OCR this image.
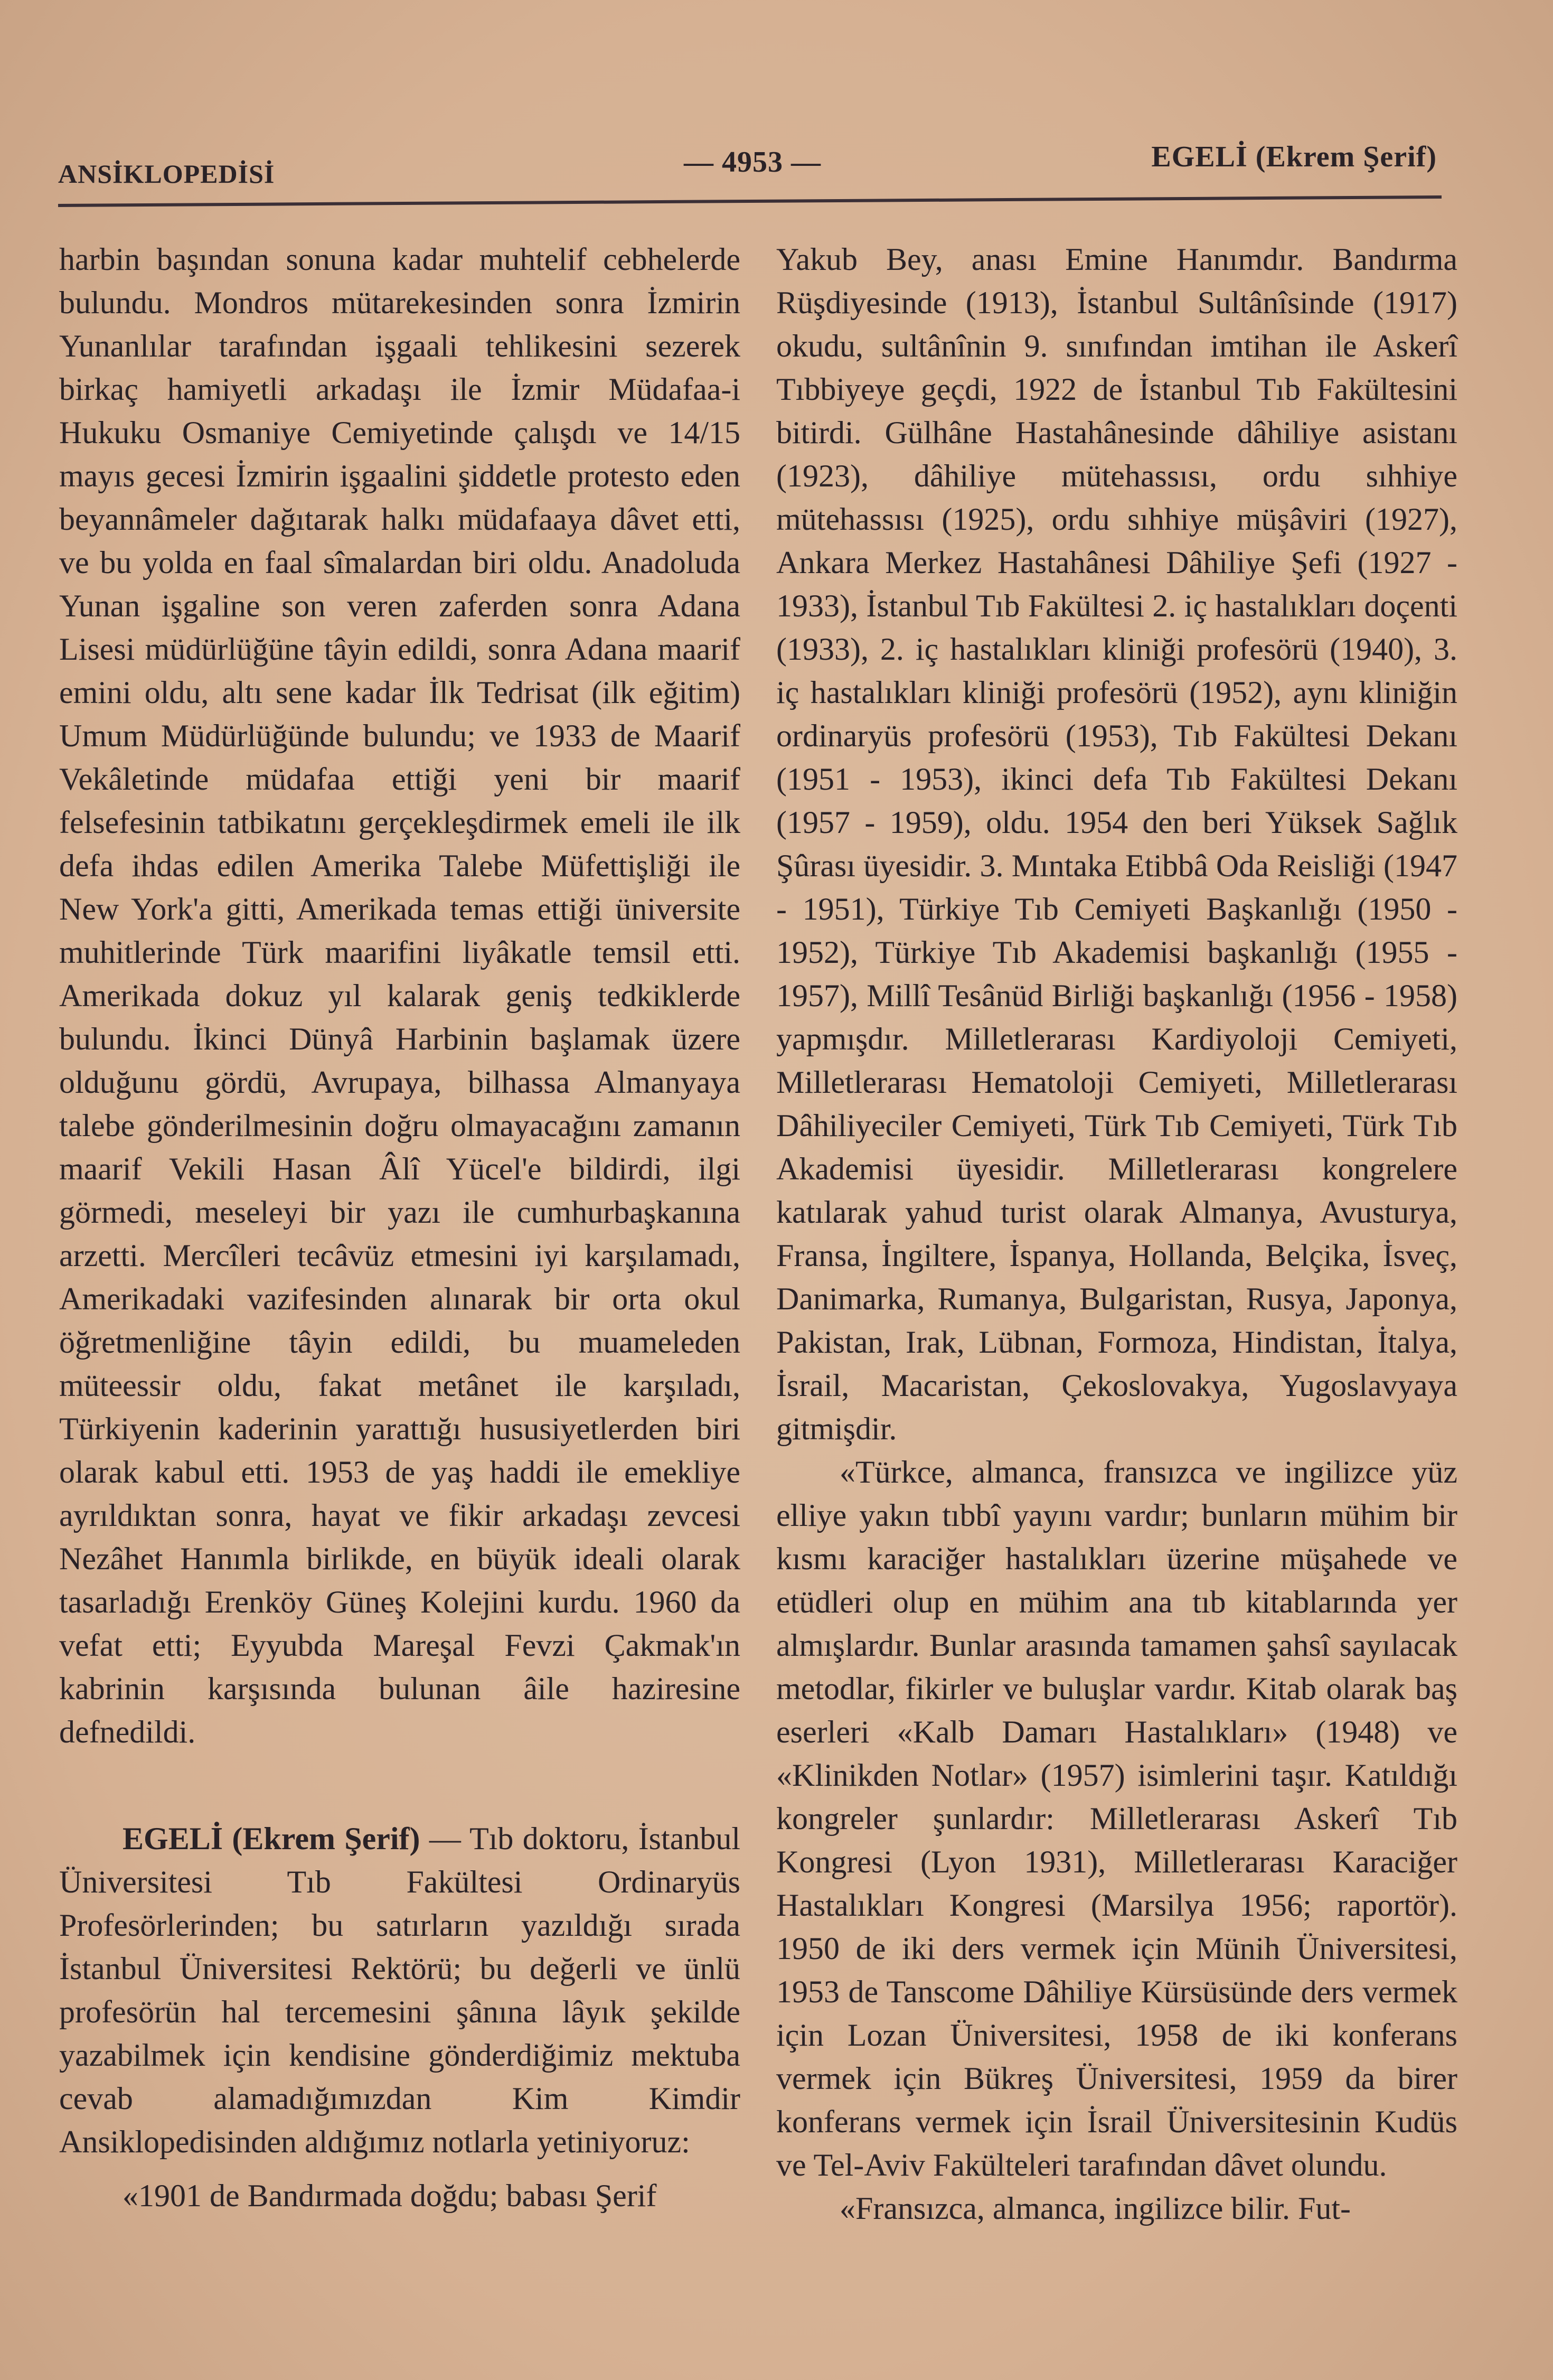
ANSİKLOPEDİSİ	— 4953 —	EGELİ (Ekrem Şerif)

harbin başından sonuna kadar muhtelif cebhelerde bulundu. Mondros mütarekesinden sonra İzmirin Yunanlılar tarafından işgaali tehlikesini sezerek birkaç hamiyetli arkadaşı ile İzmir Müdafaa-i Hukuku Osmaniye Cemiyetinde çalışdı ve 14/15 mayıs gecesi İzmirin işgaalini şiddetle protesto eden beyannâmeler dağıtarak halkı müdafaaya dâvet etti, ve bu yolda en faal sîmalardan biri oldu. Anadoluda Yunan işgaline son veren zaferden sonra Adana Lisesi müdürlüğüne tâyin edildi, sonra Adana maarif emini oldu, altı sene kadar İlk Tedrisat (ilk eğitim) Umum Müdürlüğünde bulundu; ve 1933 de Maarif Vekâletinde müdafaa ettiği yeni bir maarif felsefesinin tatbikatını gerçekleşdirmek emeli ile ilk defa ihdas edilen Amerika Talebe Müfettişliği ile New York'a gitti, Amerikada temas ettiği üniversite muhitlerinde Türk maarifini liyâkatle temsil etti. Amerikada dokuz yıl kalarak geniş tedkiklerde bulundu. İkinci Dünyâ Harbinin başlamak üzere olduğunu gördü, Avrupaya, bilhassa Almanyaya talebe gönderilmesinin doğru olmayacağını zamanın maarif Vekili Hasan Âlî Yücel'e bildirdi, ilgi görmedi, meseleyi bir yazı ile cumhurbaşkanına arzetti. Mercîleri tecâvüz etmesini iyi karşılamadı, Amerikadaki vazifesinden alınarak bir orta okul öğretmenliğine tâyin edildi, bu muameleden müteessir oldu, fakat metânet ile karşıladı, Türkiyenin kaderinin yarattığı hususiyetlerden biri olarak kabul etti. 1953 de yaş haddi ile emekliye ayrıldıktan sonra, hayat ve fikir arkadaşı zevcesi Nezâhet Hanımla birlikde, en büyük ideali olarak tasarladığı Erenköy Güneş Kolejini kurdu. 1960 da vefat etti; Eyyubda Mareşal Fevzi Çakmak'ın kabrinin karşısında bulunan âile haziresine defnedildi.

EGELİ (Ekrem Şerif) — Tıb doktoru, İstanbul Üniversitesi Tıb Fakültesi Ordinaryüs Profesörlerinden; bu satırların yazıldığı sırada İstanbul Üniversitesi Rektörü; bu değerli ve ünlü profesörün hal tercemesini şânına lâyık şekilde yazabilmek için kendisine gönderdiğimiz mektuba cevab alamadığımızdan Kim Kimdir Ansiklopedisinden aldığımız notlarla yetiniyoruz:

«1901 de Bandırmada doğdu; babası Şerif

Yakub Bey, anası Emine Hanımdır. Bandırma Rüşdiyesinde (1913), İstanbul Sultânîsinde (1917) okudu, sultânînin 9. sınıfından imtihan ile Askerî Tıbbiyeye geçdi, 1922 de İstanbul Tıb Fakültesini bitirdi. Gülhâne Hastahânesinde dâhiliye asistanı (1923), dâhiliye mütehassısı, ordu sıhhiye mütehassısı (1925), ordu sıhhiye müşâviri (1927), Ankara Merkez Hastahânesi Dâhiliye Şefi (1927 - 1933), İstanbul Tıb Fakültesi 2. iç hastalıkları doçenti (1933), 2. iç hastalıkları kliniği profesörü (1940), 3. iç hastalıkları kliniği profesörü (1952), aynı kliniğin ordinaryüs profesörü (1953), Tıb Fakültesi Dekanı (1951 - 1953), ikinci defa Tıb Fakültesi Dekanı (1957 - 1959), oldu. 1954 den beri Yüksek Sağlık Şûrası üyesidir. 3. Mıntaka Etibbâ Oda Reisliği (1947 - 1951), Türkiye Tıb Cemiyeti Başkanlığı (1950 - 1952), Türkiye Tıb Akademisi başkanlığı (1955 - 1957), Millî Tesânüd Birliği başkanlığı (1956 - 1958) yapmışdır. Milletlerarası Kardiyoloji Cemiyeti, Milletlerarası Hematoloji Cemiyeti, Milletlerarası Dâhiliyeciler Cemiyeti, Türk Tıb Cemiyeti, Türk Tıb Akademisi üyesidir. Milletlerarası kongrelere katılarak yahud turist olarak Almanya, Avusturya, Fransa, İngiltere, İspanya, Hollanda, Belçika, İsveç, Danimarka, Rumanya, Bulgaristan, Rusya, Japonya, Pakistan, Irak, Lübnan, Formoza, Hindistan, İtalya, İsrail, Macaristan, Çekoslovakya, Yugoslavyaya gitmişdir.

«Türkce, almanca, fransızca ve ingilizce yüz elliye yakın tıbbî yayını vardır; bunların mühim bir kısmı karaciğer hastalıkları üzerine müşahede ve etüdleri olup en mühim ana tıb kitablarında yer almışlardır. Bunlar arasında tamamen şahsî sayılacak metodlar, fikirler ve buluşlar vardır. Kitab olarak baş eserleri «Kalb Damarı Hastalıkları» (1948) ve «Klinikden Notlar» (1957) isimlerini taşır. Katıldığı kongreler şunlardır: Milletlerarası Askerî Tıb Kongresi (Lyon 1931), Milletlerarası Karaciğer Hastalıkları Kongresi (Marsilya 1956; raportör). 1950 de iki ders vermek için Münih Üniversitesi, 1953 de Tanscome Dâhiliye Kürsüsünde ders vermek için Lozan Üniversitesi, 1958 de iki konferans vermek için Bükreş Üniversitesi, 1959 da birer konferans vermek için İsrail Üniversitesinin Kudüs ve Tel-Aviv Fakülteleri tarafından dâvet olundu.

«Fransızca, almanca, ingilizce bilir. Fut-
